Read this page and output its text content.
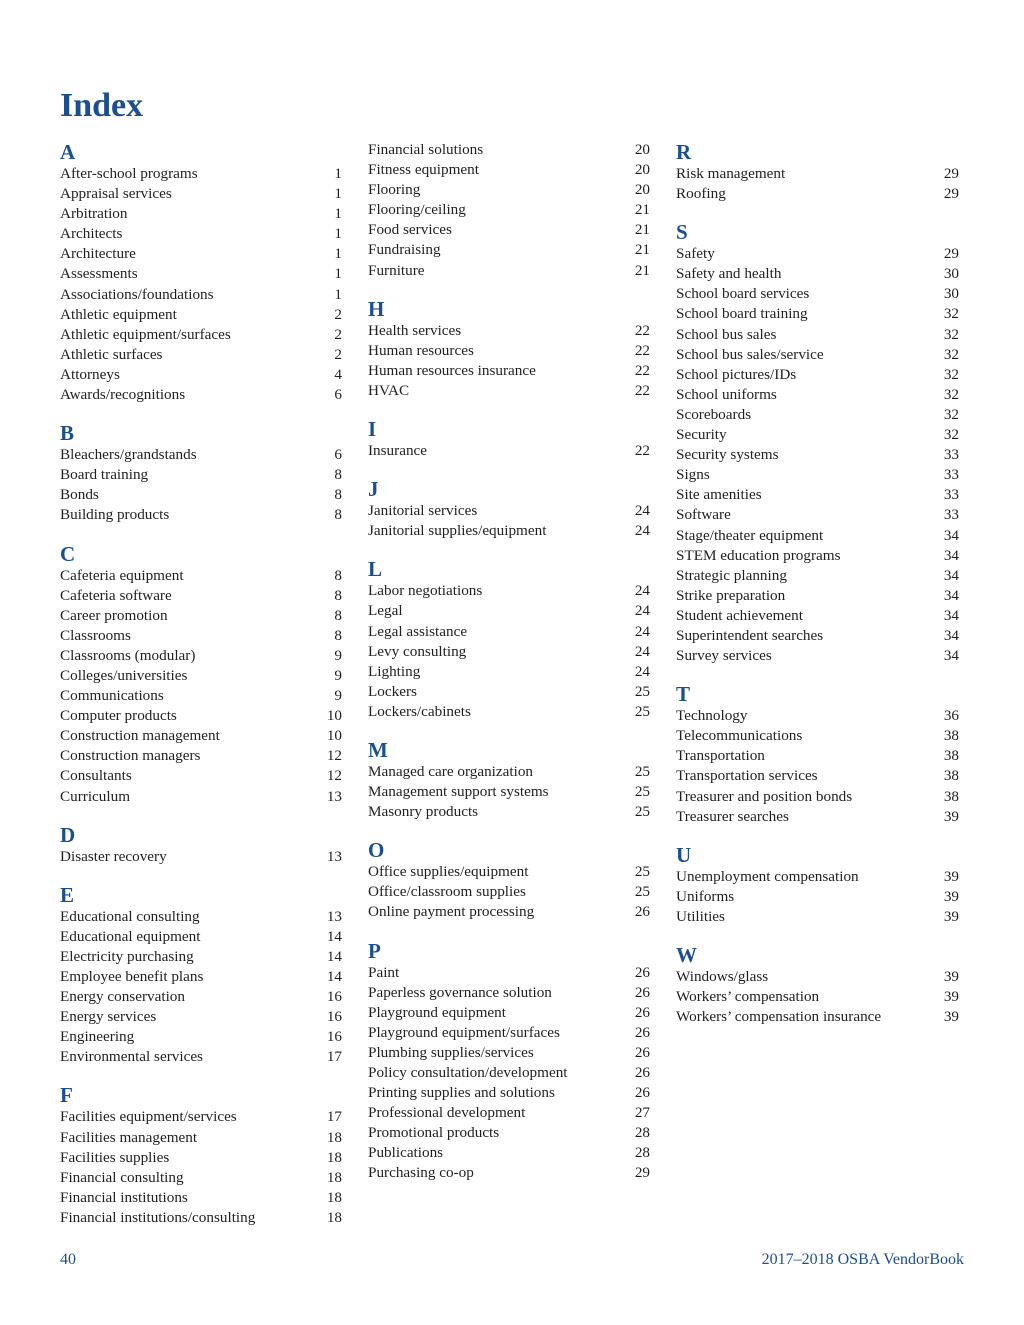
Index
A
After-school programs	1
Appraisal services	1
Arbitration	1
Architects	1
Architecture	1
Assessments	1
Associations/foundations	1
Athletic equipment	2
Athletic equipment/surfaces	2
Athletic surfaces	2
Attorneys	4
Awards/recognitions	6
B
Bleachers/grandstands	6
Board training	8
Bonds	8
Building products	8
C
Cafeteria equipment	8
Cafeteria software	8
Career promotion	8
Classrooms	8
Classrooms (modular)	9
Colleges/universities	9
Communications	9
Computer products	10
Construction management	10
Construction managers	12
Consultants	12
Curriculum	13
D
Disaster recovery	13
E
Educational consulting	13
Educational equipment	14
Electricity purchasing	14
Employee benefit plans	14
Energy conservation	16
Energy services	16
Engineering	16
Environmental services	17
F
Facilities equipment/services	17
Facilities management	18
Facilities supplies	18
Financial consulting	18
Financial institutions	18
Financial institutions/consulting	18
Financial solutions	20
Fitness equipment	20
Flooring	20
Flooring/ceiling	21
Food services	21
Fundraising	21
Furniture	21
H
Health services	22
Human resources	22
Human resources insurance	22
HVAC	22
I
Insurance	22
J
Janitorial services	24
Janitorial supplies/equipment	24
L
Labor negotiations	24
Legal	24
Legal assistance	24
Levy consulting	24
Lighting	24
Lockers	25
Lockers/cabinets	25
M
Managed care organization	25
Management support systems	25
Masonry products	25
O
Office supplies/equipment	25
Office/classroom supplies	25
Online payment processing	26
P
Paint	26
Paperless governance solution	26
Playground equipment	26
Playground equipment/surfaces	26
Plumbing supplies/services	26
Policy consultation/development	26
Printing supplies and solutions	26
Professional development	27
Promotional products	28
Publications	28
Purchasing co-op	29
R
Risk management	29
Roofing	29
S
Safety	29
Safety and health	30
School board services	30
School board training	32
School bus sales	32
School bus sales/service	32
School pictures/IDs	32
School uniforms	32
Scoreboards	32
Security	32
Security systems	33
Signs	33
Site amenities	33
Software	33
Stage/theater equipment	34
STEM education programs	34
Strategic planning	34
Strike preparation	34
Student achievement	34
Superintendent searches	34
Survey services	34
T
Technology	36
Telecommunications	38
Transportation	38
Transportation services	38
Treasurer and position bonds	38
Treasurer searches	39
U
Unemployment compensation	39
Uniforms	39
Utilities	39
W
Windows/glass	39
Workers’ compensation	39
Workers’ compensation insurance	39
40	2017–2018 OSBA VendorBook
